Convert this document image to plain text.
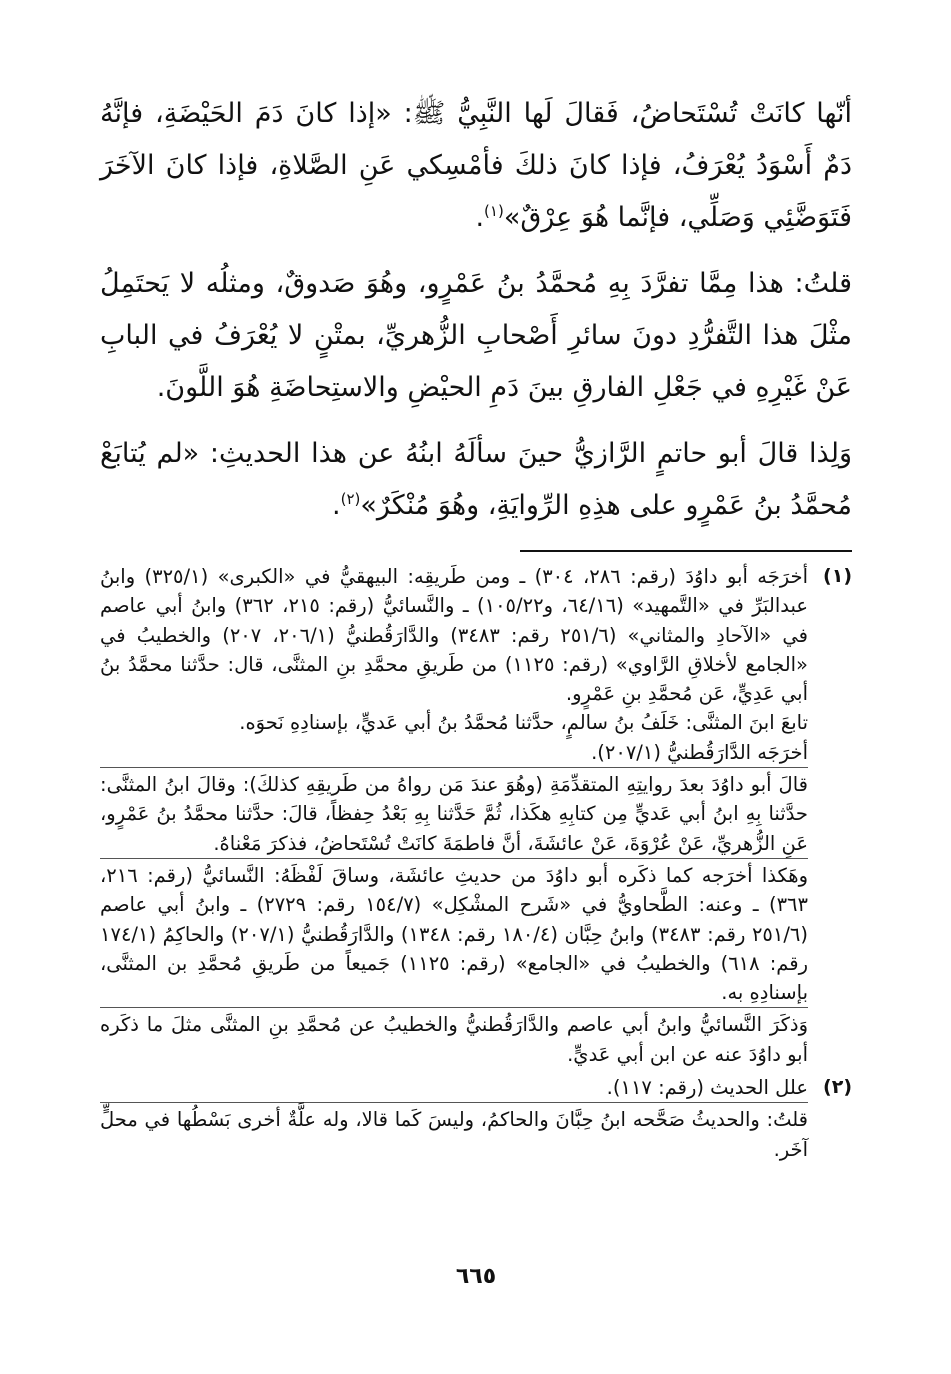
أنّها كانَتْ تُسْتَحاضُ، فَقالَ لَها النَّبِيُّ ﷺ: «إذا كانَ دَمَ الحَيْضَةِ، فإنَّهُ دَمٌ أَسْوَدُ يُعْرَفُ، فإذا كانَ ذلكَ فأمْسِكي عَنِ الصَّلاةِ، فإذا كانَ الآخَرَ فَتَوَضَّئِي وَصَلِّي، فإنَّما هُوَ عِرْقٌ»$^{(١)}$.

قلتُ: هذا مِمَّا تفرَّدَ بِهِ مُحمَّدُ بنُ عَمْرٍو، وهُوَ صَدوقٌ، ومثلُه لا يَحتَمِلُ مثْلَ هذا التَّفرُّدِ دونَ سائرِ أَصْحابِ الزُّهريِّ، بمتْنٍ لا يُعْرَفُ في البابِ عَنْ غَيْرِهِ في جَعْلِ الفارقِ بينَ دَمِ الحيْضِ والاستِحاضَةِ هُوَ اللَّونَ.

وَلِذا قالَ أبو حاتمٍ الرَّازيُّ حينَ سألَهُ ابنُهُ عن هذا الحديثِ: «لم يُتابَعْ مُحمَّدُ بنُ عَمْرٍو على هذِهِ الرِّوايَةِ، وهُوَ مُنْكَرٌ»$^{(٢)}$.

(١)

أخرَجَه أبو داوُدَ (رقم: ٢٨٦، ٣٠٤) ـ ومن طَريقِه: البيهقيُّ في «الكبرى» (٣٢٥/١) وابنُ عبدالبَرِّ في «التَّمهيد» (٦٤/١٦، و١٠٥/٢٢) ـ والنَّسائيُّ (رقم: ٢١٥، ٣٦٢) وابنُ أبي عاصم في «الآحادِ والمثاني» (٢٥١/٦ رقم: ٣٤٨٣) والدَّارَقُطنيُّ (٢٠٦/١، ٢٠٧) والخطيبُ في «الجامع لأخلاقِ الرَّاوي» (رقم: ١١٢٥) من طَريقِ محمَّدِ بنِ المثنَّى، قال: حدَّثنا محمَّدُ بنُ أبي عَدِيٍّ، عَن مُحمَّدِ بنِ عَمْرٍو.

تابعَ ابنَ المثنَّى: خَلَفُ بنُ سالمٍ، حدَّثنا مُحمَّدُ بنُ أبي عَديٍّ، بإسنادِهِ نَحوَه.

أخرَجَه الدَّارَقُطنيُّ (٢٠٧/١).

قالَ أبو داوُدَ بعدَ روايتِهِ المتقدِّمَةِ (وهُوَ عندَ مَن رواهُ من طَريقِهِ كذلكَ): وقالَ ابنُ المثنَّى: حدَّثنا بِهِ ابنُ أبي عَديٍّ مِن كتابِهِ هكَذا، ثُمَّ حَدَّثنا بِهِ بَعْدُ حِفظاً، قالَ: حدَّثنا محمَّدُ بنُ عَمْرٍو، عَنِ الزُّهريِّ، عَنْ عُرْوَةَ، عَنْ عائشَةَ، أنَّ فاطمَةَ كانَتْ تُسْتَحاضُ، فذكرَ مَعْناهُ.

وهَكذا أخرَجه كما ذكَره أبو داوُدَ من حديثِ عائشَة، وساقَ لَفْظَهُ: النَّسائيُّ (رقم: ٢١٦، ٣٦٣) ـ وعنه: الطَّحاويُّ في «شَرح المشْكِل» (١٥٤/٧ رقم: ٢٧٢٩) ـ وابنُ أبي عاصم (٢٥١/٦ رقم: ٣٤٨٣) وابنُ حِبَّان (١٨٠/٤ رقم: ١٣٤٨) والدَّارَقُطنيُّ (٢٠٧/١) والحاكِمُ (١٧٤/١ رقم: ٦١٨) والخطيبُ في «الجامع» (رقم: ١١٢٥) جَميعاً من طَريقِ مُحمَّدِ بن المثنَّى، بإسنادِهِ به.

وَذكَرَ النَّسائيُّ وابنُ أبي عاصم والدَّارَقُطنيُّ والخطيبُ عن مُحمَّدِ بنِ المثنَّى مثلَ ما ذكَره أبو داوُدَ عنه عن ابن أبي عَديٍّ.

(٢)

علل الحديث (رقم: ١١٧).

قلتُ: والحديثُ صَحَّحه ابنُ حِبَّانَ والحاكمُ، وليسَ كَما قالا، وله علَّةٌ أخرى بَسْطُها في محلٍّ آخَر.

٦٦٥
